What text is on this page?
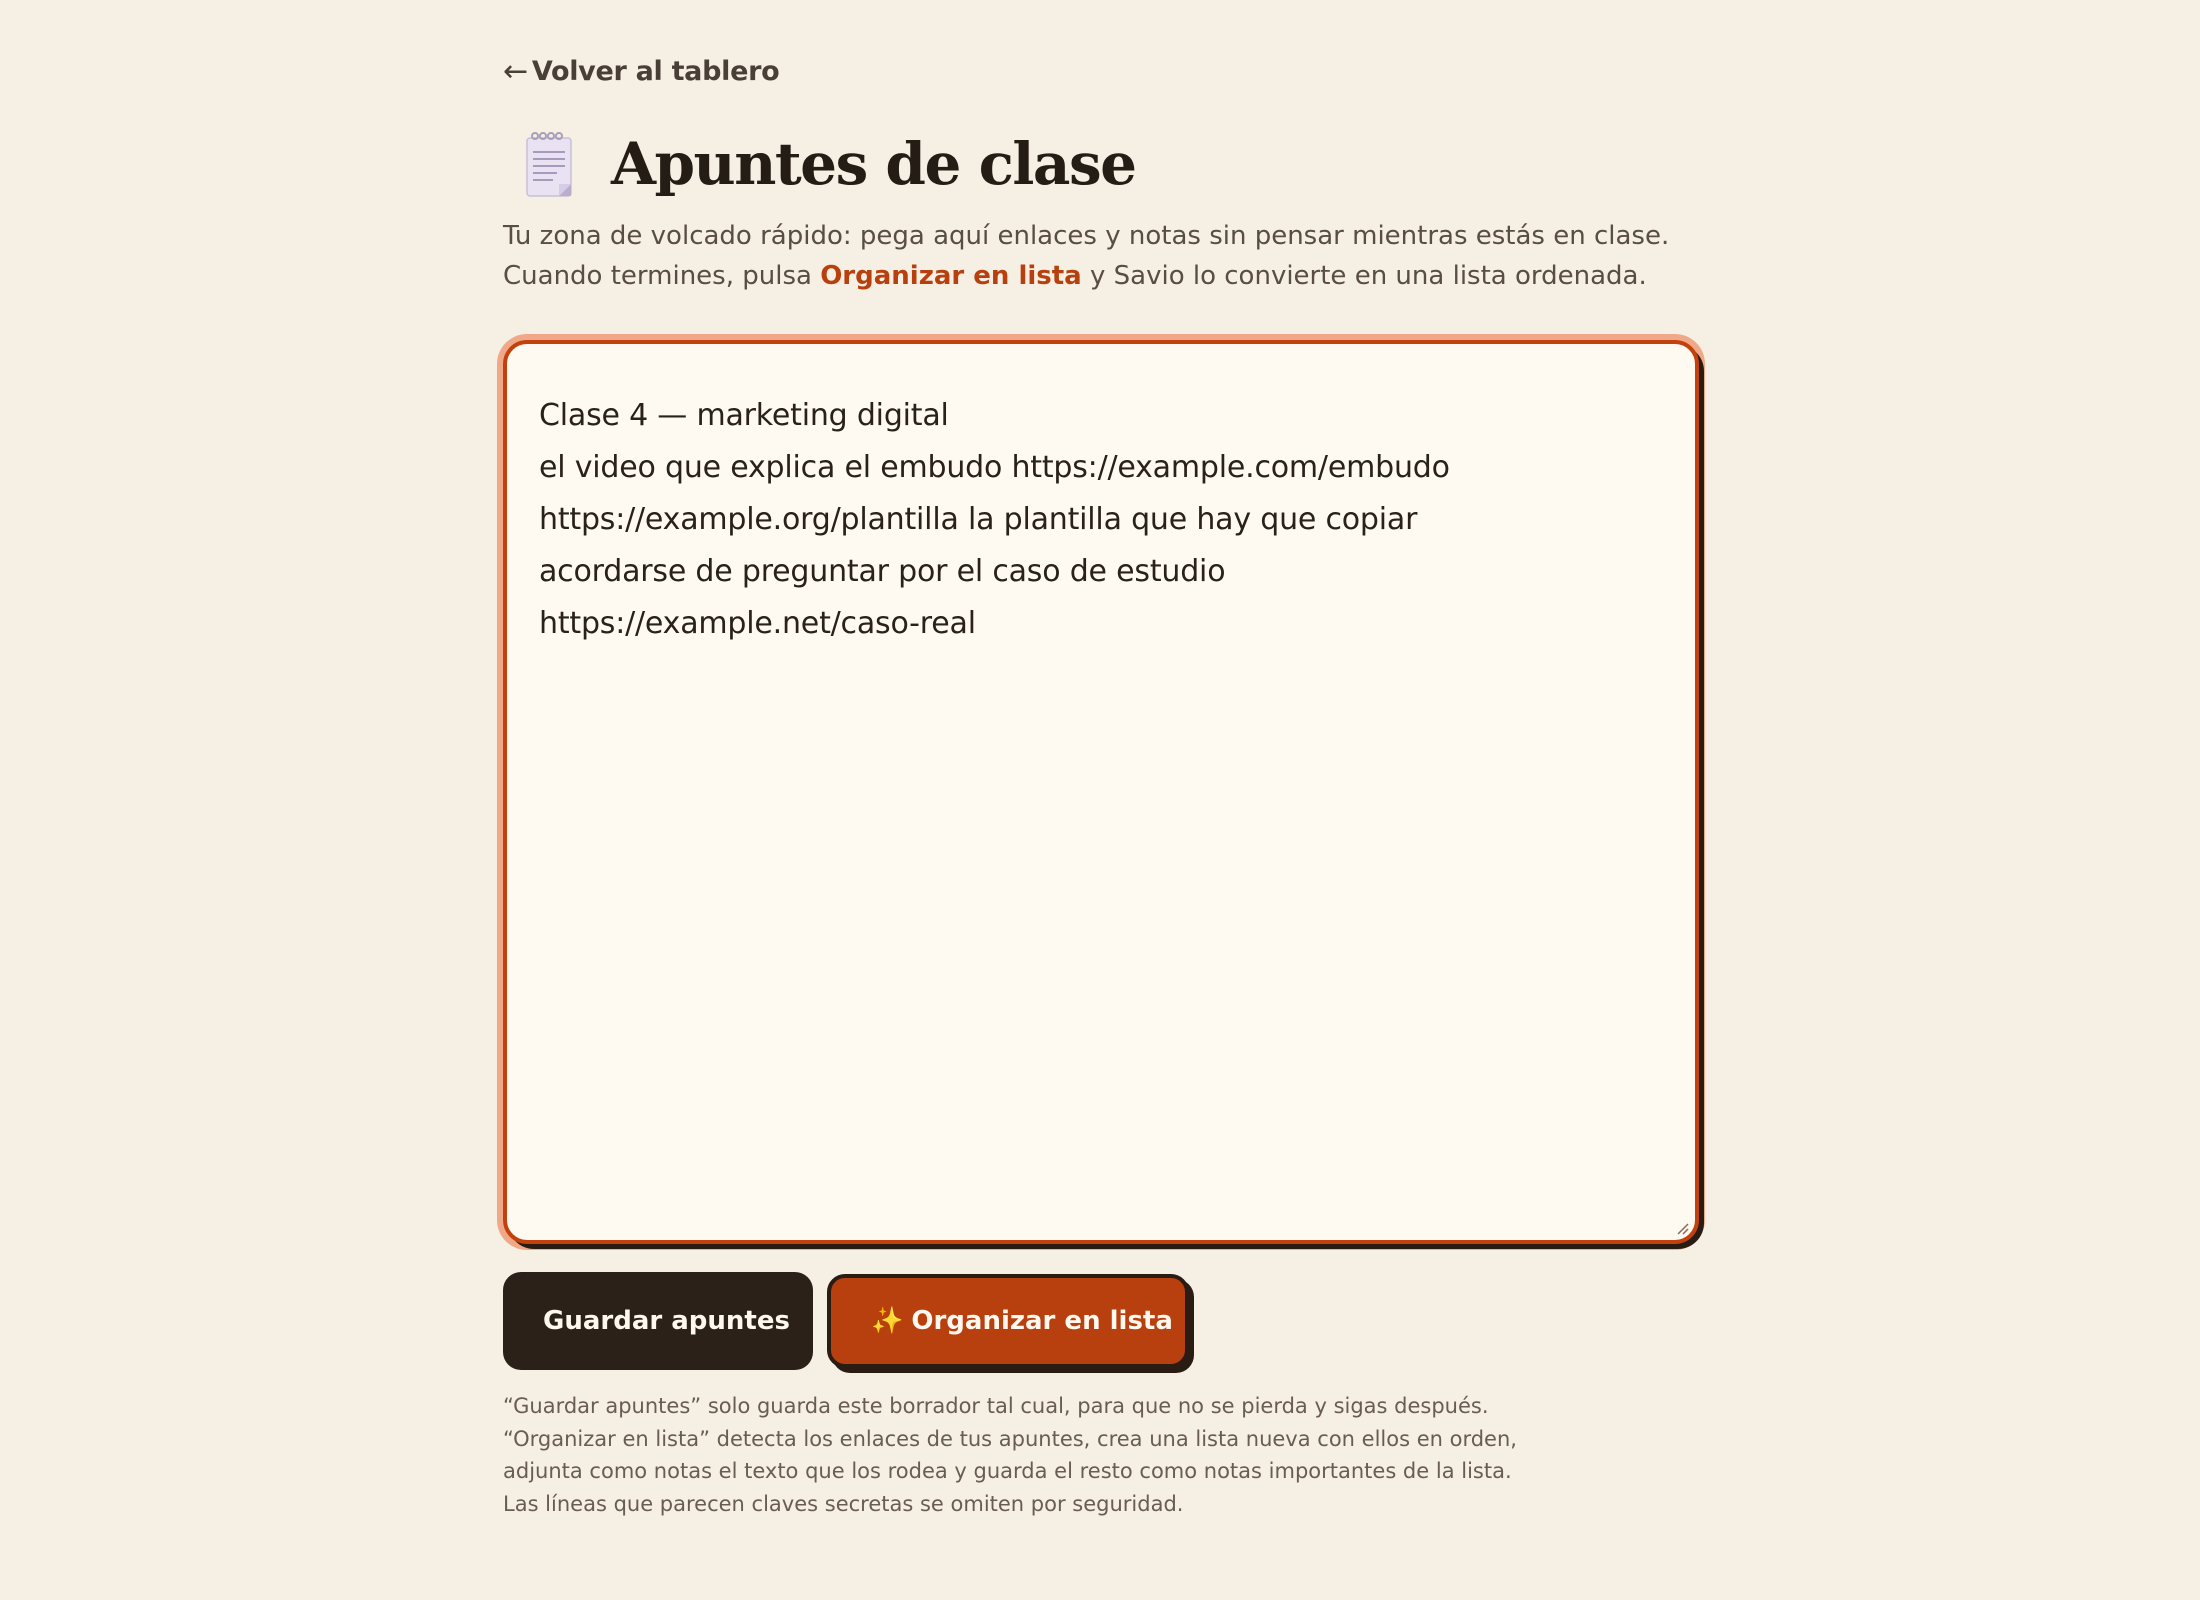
← Volver al tablero
Apuntes de clase

Tu zona de volcado rápido: pega aquí enlaces y notas sin pensar mientras estás en clase. Cuando termines, pulsa Organizar en lista y Savio lo convierte en una lista ordenada.

Clase 4 — marketing digital
el video que explica el embudo https://example.com/embudo
https://example.org/plantilla la plantilla que hay que copiar
acordarse de preguntar por el caso de estudio
https://example.net/caso-real
Guardar apuntes	✨ Organizar en lista
“Guardar apuntes” solo guarda este borrador tal cual, para que no se pierda y sigas después.
“Organizar en lista” detecta los enlaces de tus apuntes, crea una lista nueva con ellos en orden,
adjunta como notas el texto que los rodea y guarda el resto como notas importantes de la lista.
Las líneas que parecen claves secretas se omiten por seguridad.
